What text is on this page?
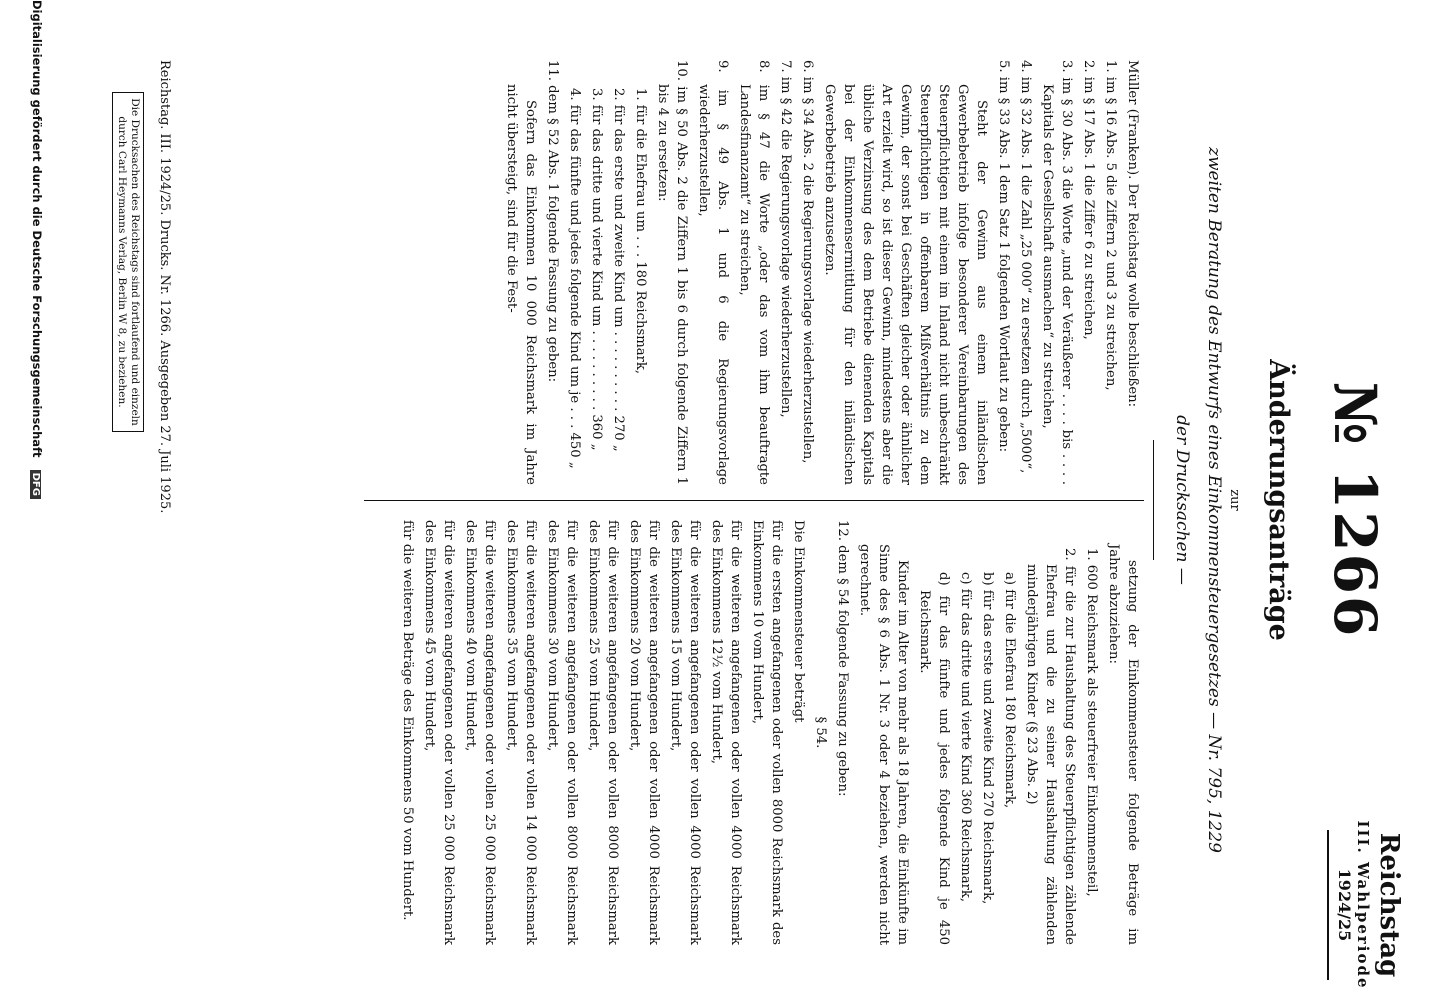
Reichstag
III. Wahlperiode
1924/25
№ 1266
Änderungsanträge
zur
zweiten Beratung des Entwurfs eines Einkommensteuergesetzes — Nr. 795, 1229
der Drucksachen —

Müller (Franken). Der Reichstag wolle beschließen:

1. im § 16 Abs. 5 die Ziffern 2 und 3 zu streichen,

2. im § 17 Abs. 1 die Ziffer 6 zu streichen,

3. im § 30 Abs. 3 die Worte „und der Veräußerer . . . . bis . . . . Kapitals der Gesellschaft ausmachen“ zu streichen,

4. im § 32 Abs. 1 die Zahl „25 000“ zu ersetzen durch „5000“,

5. im § 33 Abs. 1 dem Satz 1 folgenden Wortlaut zu geben:

Steht der Gewinn aus einem inländischen Gewerbebetrieb infolge besonderer Vereinbarungen des Steuerpflichtigen mit einem im Inland nicht unbeschränkt Steuerpflichtigen in offenbarem Mißverhältnis zu dem Gewinn, der sonst bei Geschäften gleicher oder ähnlicher Art erzielt wird, so ist dieser Gewinn, mindestens aber die übliche Verzinsung des dem Betriebe dienenden Kapitals bei der Einkommensermittlung für den inländischen Gewerbebetrieb anzusetzen.

6. im § 34 Abs. 2 die Regierungsvorlage wiederherzustellen,

7. im § 42 die Regierungsvorlage wiederherzustellen,

8. im § 47 die Worte „oder das vom ihm beauftragte Landesfinanzamt“ zu streichen,

9. im § 49 Abs. 1 und 6 die Regierungsvorlage wiederherzustellen,

10. im § 50 Abs. 2 die Ziffern 1 bis 6 durch folgende Ziffern 1 bis 4 zu ersetzen:

1. für die Ehefrau um . . . 180 Reichsmark,

2. für das erste und zweite Kind um . . . . . . . . . . 270 „

3. für das dritte und vierte Kind um . . . . . . . . . . 360 „

4. für das fünfte und jedes folgende Kind um je . . . 450 „

11. dem § 52 Abs. 1 folgende Fassung zu geben:

Sofern das Einkommen 10 000 Reichsmark im Jahre nicht übersteigt, sind für die Fest-

setzung der Einkommensteuer folgende Beträge im Jahre abzuziehen:

1. 600 Reichsmark als steuerfreier Einkommensteil,

2. für die zur Haushaltung des Steuerpflichtigen zählende Ehefrau und die zu seiner Haushaltung zählenden minderjährigen Kinder (§ 23 Abs. 2)

a) für die Ehefrau 180 Reichsmark,

b) für das erste und zweite Kind 270 Reichsmark,

c) für das dritte und vierte Kind 360 Reichsmark,

d) für das fünfte und jedes folgende Kind je 450 Reichsmark.

Kinder im Alter von mehr als 18 Jahren, die Einkünfte im Sinne des § 6 Abs. 1 Nr. 3 oder 4 beziehen, werden nicht gerechnet.

12. dem § 54 folgende Fassung zu geben:

§ 54.

Die Einkommensteuer beträgt

für die ersten angefangenen oder vollen 8000 Reichsmark des Einkommens 10 vom Hundert,

für die weiteren angefangenen oder vollen 4000 Reichsmark des Einkommens 12½ vom Hundert,

für die weiteren angefangenen oder vollen 4000 Reichsmark des Einkommens 15 vom Hundert,

für die weiteren angefangenen oder vollen 4000 Reichsmark des Einkommens 20 vom Hundert,

für die weiteren angefangenen oder vollen 8000 Reichsmark des Einkommens 25 vom Hundert,

für die weiteren angefangenen oder vollen 8000 Reichsmark des Einkommens 30 vom Hundert,

für die weiteren angefangenen oder vollen 14 000 Reichsmark des Einkommens 35 vom Hundert,

für die weiteren angefangenen oder vollen 25 000 Reichsmark des Einkommens 40 vom Hundert,

für die weiteren angefangenen oder vollen 25 000 Reichsmark des Einkommens 45 vom Hundert,

für die weiteren Beträge des Einkommens 50 vom Hundert.

Reichstag. III. 1924/25. Drucks. Nr. 1266. Ausgegeben 27. Juli 1925.
Die Drucksachen des Reichstags sind fortlaufend und einzeln durch Carl Heymanns Verlag, Berlin W 8, zu beziehen.
Digitalisierung gefördert durch die Deutsche Forschungsgemeinschaft DFG
